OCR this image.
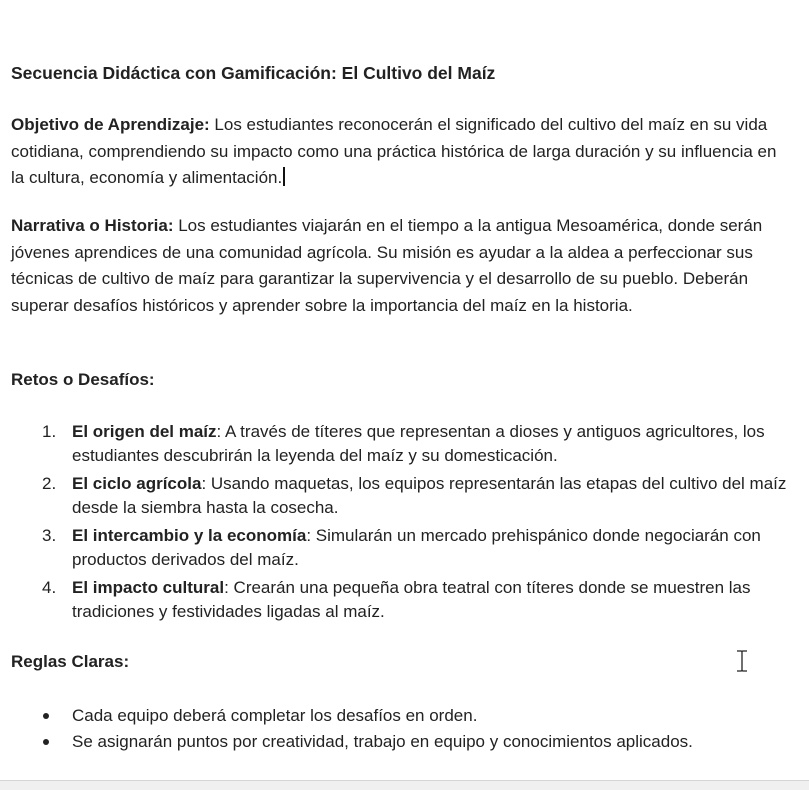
Secuencia Didáctica con Gamificación: El Cultivo del Maíz

Objetivo de Aprendizaje: Los estudiantes reconocerán el significado del cultivo del maíz en su vida cotidiana, comprendiendo su impacto como una práctica histórica de larga duración y su influencia en la cultura, economía y alimentación.

Narrativa o Historia: Los estudiantes viajarán en el tiempo a la antigua Mesoamérica, donde serán jóvenes aprendices de una comunidad agrícola. Su misión es ayudar a la aldea a perfeccionar sus técnicas de cultivo de maíz para garantizar la supervivencia y el desarrollo de su pueblo. Deberán superar desafíos históricos y aprender sobre la importancia del maíz en la historia.

Retos o Desafíos:
1. El origen del maíz: A través de títeres que representan a dioses y antiguos agricultores, los estudiantes descubrirán la leyenda del maíz y su domesticación.
2. El ciclo agrícola: Usando maquetas, los equipos representarán las etapas del cultivo del maíz desde la siembra hasta la cosecha.
3. El intercambio y la economía: Simularán un mercado prehispánico donde negociarán con productos derivados del maíz.
4. El impacto cultural: Crearán una pequeña obra teatral con títeres donde se muestren las tradiciones y festividades ligadas al maíz.
Reglas Claras:
Cada equipo deberá completar los desafíos en orden.
Se asignarán puntos por creatividad, trabajo en equipo y conocimientos aplicados.
